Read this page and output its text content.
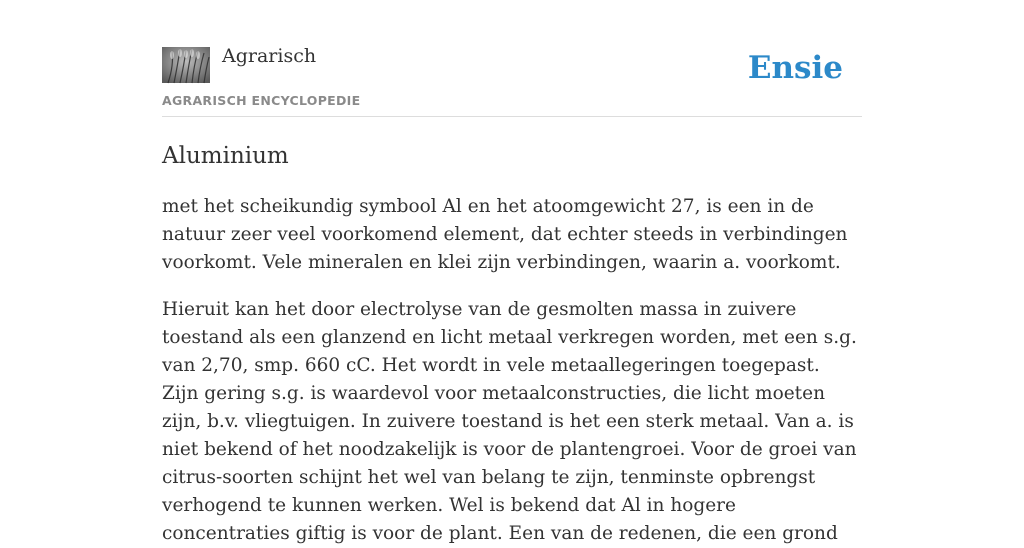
Agrarisch
AGRARISCH ENCYCLOPEDIE
Ensie
Aluminium

met het scheikundig symbool Al en het atoomgewicht 27, is een in de natuur zeer veel voorkomend element, dat echter steeds in verbindingen voorkomt. Vele mineralen en klei zijn verbindingen, waarin a. voorkomt.

Hieruit kan het door electrolyse van de gesmolten massa in zuivere toestand als een glanzend en licht metaal verkregen worden, met een s.g. van 2,70, smp. 660 cC. Het wordt in vele metaallegeringen toegepast. Zijn gering s.g. is waardevol voor metaalconstructies, die licht moeten zijn, b.v. vliegtuigen. In zuivere toestand is het een sterk metaal. Van a. is niet bekend of het noodzakelijk is voor de plantengroei. Voor de groei van citrus-soorten schijnt het wel van belang te zijn, tenminste opbrengst verhogend te kunnen werken. Wel is bekend dat Al in hogere concentraties giftig is voor de plant. Een van de redenen, die een grond
